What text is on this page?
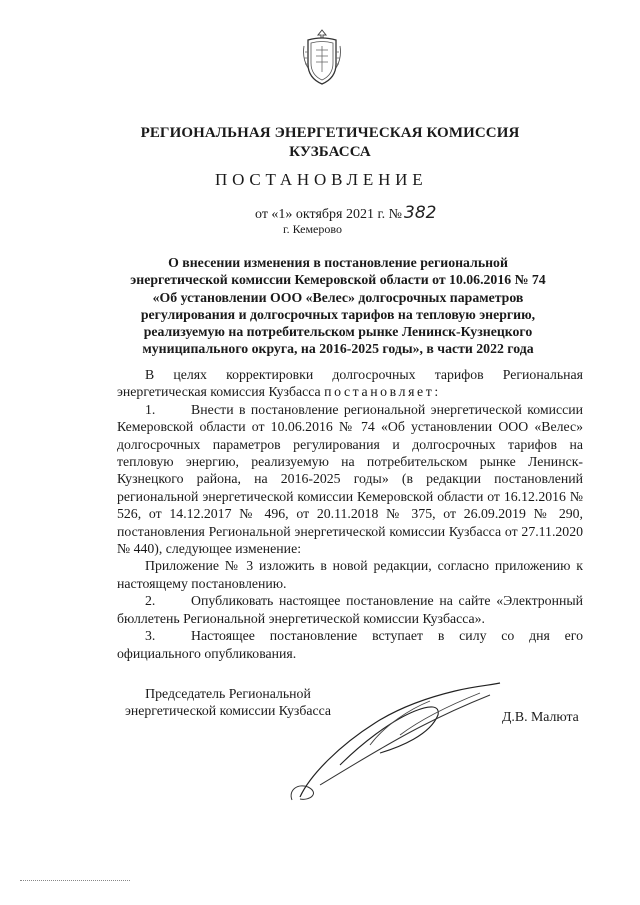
РЕГИОНАЛЬНАЯ ЭНЕРГЕТИЧЕСКАЯ КОМИССИЯ
КУЗБАССА
ПОСТАНОВЛЕНИЕ
от «1» октября 2021 г. № 382
г. Кемерово
О внесении изменения в постановление региональной
энергетической комиссии Кемеровской области от 10.06.2016 № 74
«Об установлении ООО «Велес» долгосрочных параметров
регулирования и долгосрочных тарифов на тепловую энергию,
реализуемую на потребительском рынке Ленинск-Кузнецкого
муниципального округа, на 2016-2025 годы», в части 2022 года

В целях корректировки долгосрочных тарифов Региональная энергетическая комиссия Кузбасса постановляет:

1.	Внести в постановление региональной энергетической комиссии Кемеровской области от 10.06.2016 № 74 «Об установлении ООО «Велес» долгосрочных параметров регулирования и долгосрочных тарифов на тепловую энергию, реализуемую на потребительском рынке Ленинск-Кузнецкого района, на 2016-2025 годы» (в редакции постановлений региональной энергетической комиссии Кемеровской области от 16.12.2016 № 526, от 14.12.2017 № 496, от 20.11.2018 № 375, от 26.09.2019 № 290, постановления Региональной энергетической комиссии Кузбасса от 27.11.2020 № 440), следующее изменение:

Приложение № 3 изложить в новой редакции, согласно приложению к настоящему постановлению.

2.	Опубликовать настоящее постановление на сайте «Электронный бюллетень Региональной энергетической комиссии Кузбасса».

3.	Настоящее постановление вступает в силу со дня его официального опубликования.

Председатель Региональной
энергетической комиссии Кузбасса	Д.В. Малюта
